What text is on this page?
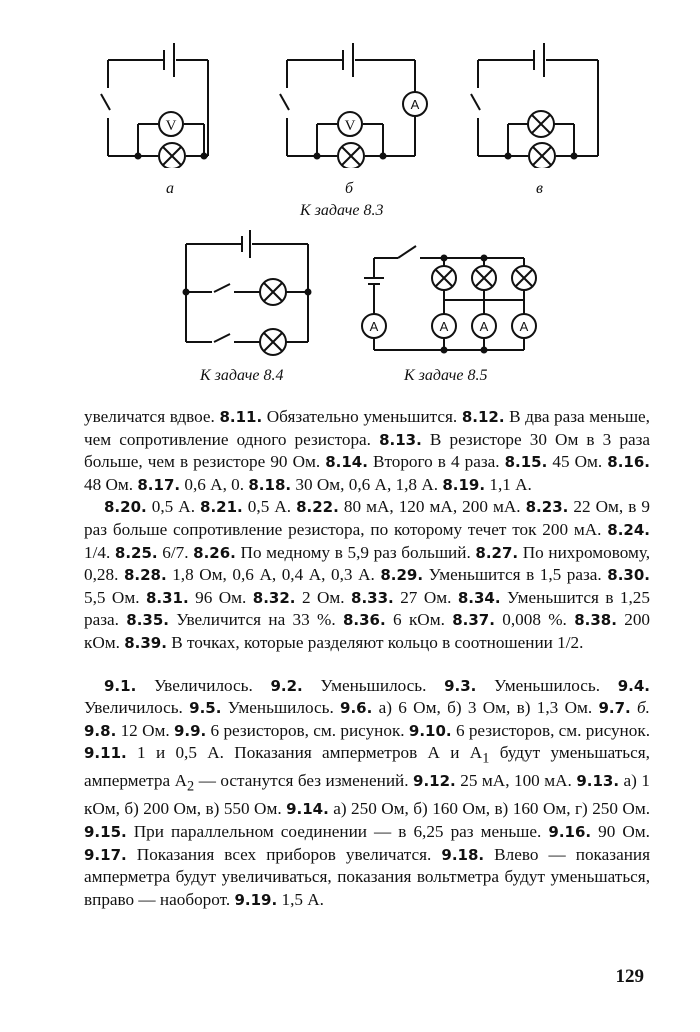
V
а
V
A
б	в
К задаче 8.3
К задаче 8.4
A	A A A
К задаче 8.5

увеличатся вдвое. 8.11. Обязательно уменьшится. 8.12. В два раза меньше, чем сопротивление одного резистора. 8.13. В резисторе 30 Ом в 3 раза больше, чем в резисторе 90 Ом. 8.14. Второго в 4 раза. 8.15. 45 Ом. 8.16. 48 Ом. 8.17. 0,6 А, 0. 8.18. 30 Ом, 0,6 А, 1,8 А. 8.19. 1,1 А.

8.20. 0,5 А. 8.21. 0,5 А. 8.22. 80 мА, 120 мА, 200 мА. 8.23. 22 Ом, в 9 раз больше сопротивление резистора, по которому течет ток 200 мА. 8.24. 1/4. 8.25. 6/7. 8.26. По медному в 5,9 раз больший. 8.27. По нихромовому, 0,28. 8.28. 1,8 Ом, 0,6 А, 0,4 А, 0,3 А. 8.29. Уменьшится в 1,5 раза. 8.30. 5,5 Ом. 8.31. 96 Ом. 8.32. 2 Ом. 8.33. 27 Ом. 8.34. Уменьшится в 1,25 раза. 8.35. Увеличится на 33 %. 8.36. 6 кОм. 8.37. 0,008 %. 8.38. 200 кОм. 8.39. В точках, которые разделяют кольцо в соотношении 1/2.

9.1. Увеличилось. 9.2. Уменьшилось. 9.3. Уменьшилось. 9.4. Увеличилось. 9.5. Уменьшилось. 9.6. а) 6 Ом, б) 3 Ом, в) 1,3 Ом. 9.7. б. 9.8. 12 Ом. 9.9. 6 резисторов, см. рисунок. 9.10. 6 резисторов, см. рисунок. 9.11. 1 и 0,5 А. Показания амперметров А и $А_1$ будут уменьшаться, амперметра $А_2$ — останутся без изменений. 9.12. 25 мА, 100 мА. 9.13. а) 1 кОм, б) 200 Ом, в) 550 Ом. 9.14. а) 250 Ом, б) 160 Ом, в) 160 Ом, г) 250 Ом. 9.15. При параллельном соединении — в 6,25 раз меньше. 9.16. 90 Ом. 9.17. Показания всех приборов увеличатся. 9.18. Влево — показания амперметра будут увеличиваться, показания вольтметра будут уменьшаться, вправо — наоборот. 9.19. 1,5 А.

129
